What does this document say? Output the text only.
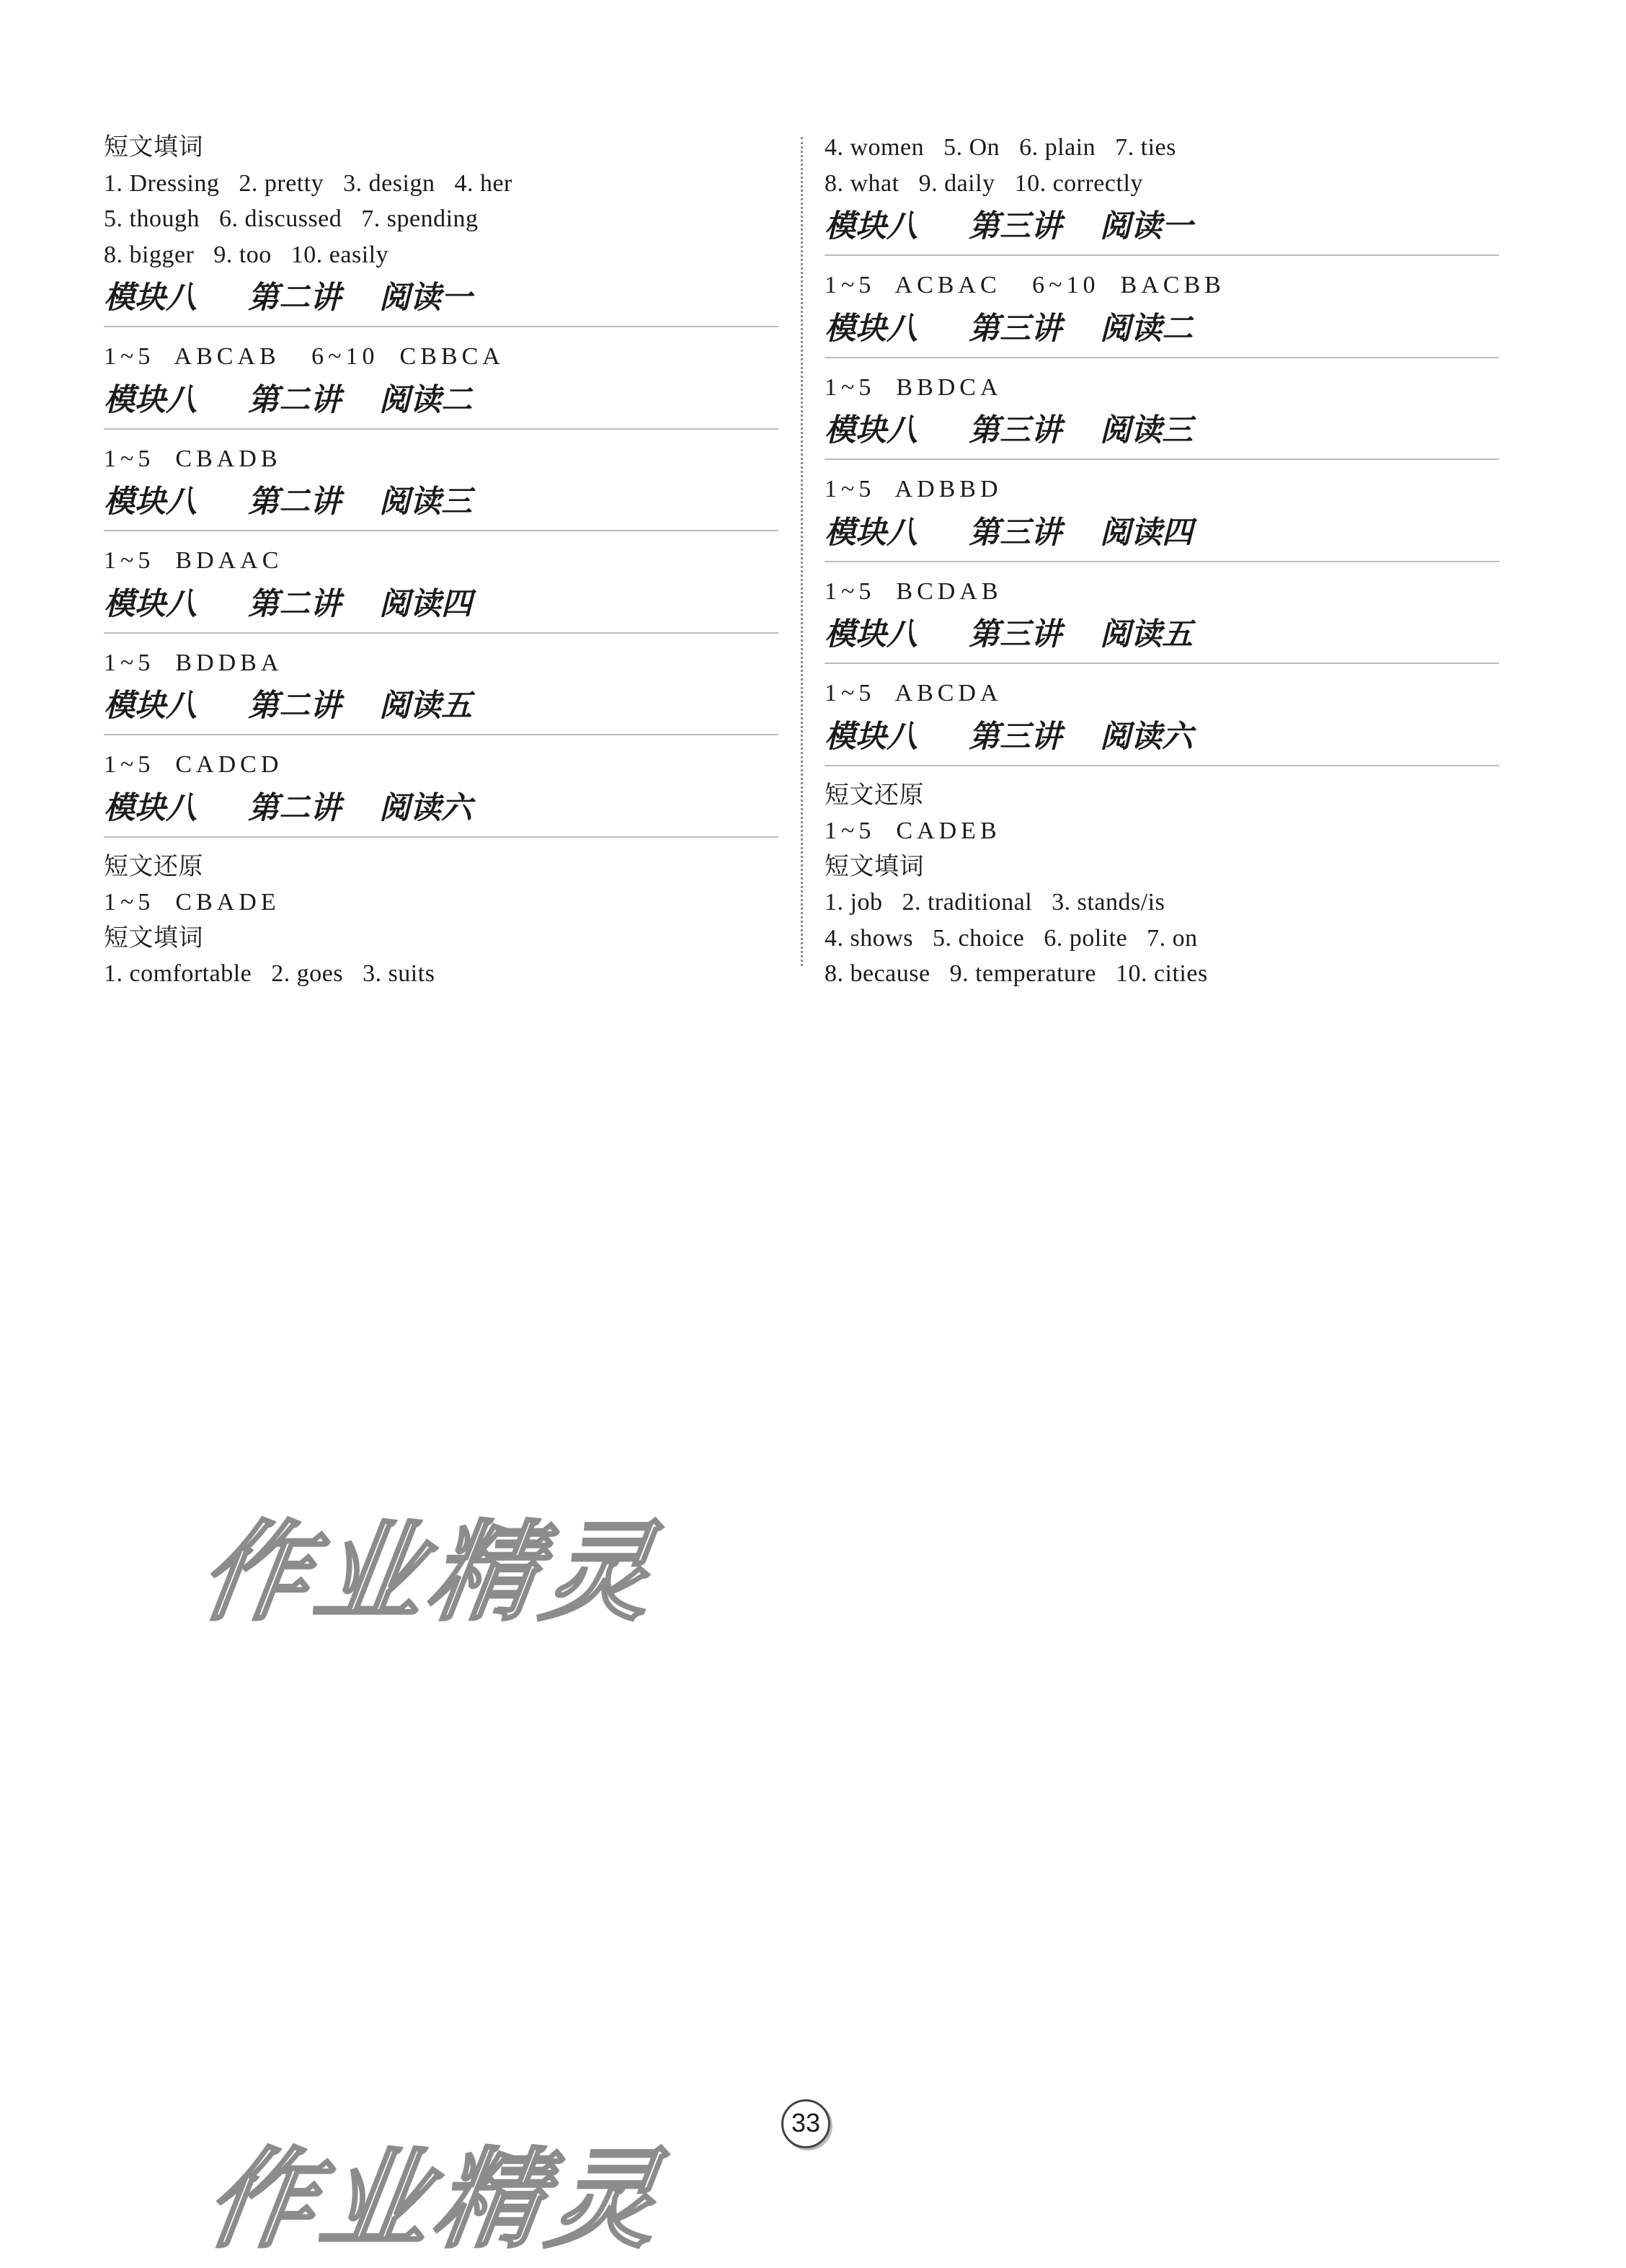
短文填词
1. Dressing   2. pretty   3. design   4. her
5. though   6. discussed   7. spending
8. bigger   9. too   10. easily
模块八 第二讲 阅读一
1~5  ABCAB   6~10  CBBCA
模块八 第二讲 阅读二
1~5  CBADB
模块八 第二讲 阅读三
1~5  BDAAC
模块八 第二讲 阅读四
1~5  BDDBA
模块八 第二讲 阅读五
1~5  CADCD
模块八 第二讲 阅读六
短文还原
1~5  CBADE
短文填词
1. comfortable   2. goes   3. suits
4. women   5. On   6. plain   7. ties
8. what   9. daily   10. correctly
模块八 第三讲 阅读一
1~5  ACBAC   6~10  BACBB
模块八 第三讲 阅读二
1~5  BBDCA
模块八 第三讲 阅读三
1~5  ADBBD
模块八 第三讲 阅读四
1~5  BCDAB
模块八 第三讲 阅读五
1~5  ABCDA
模块八 第三讲 阅读六
短文还原
1~5  CADEB
短文填词
1. job   2. traditional   3. stands/is
4. shows   5. choice   6. polite   7. on
8. because   9. temperature   10. cities
作业精灵
作业精灵
33
